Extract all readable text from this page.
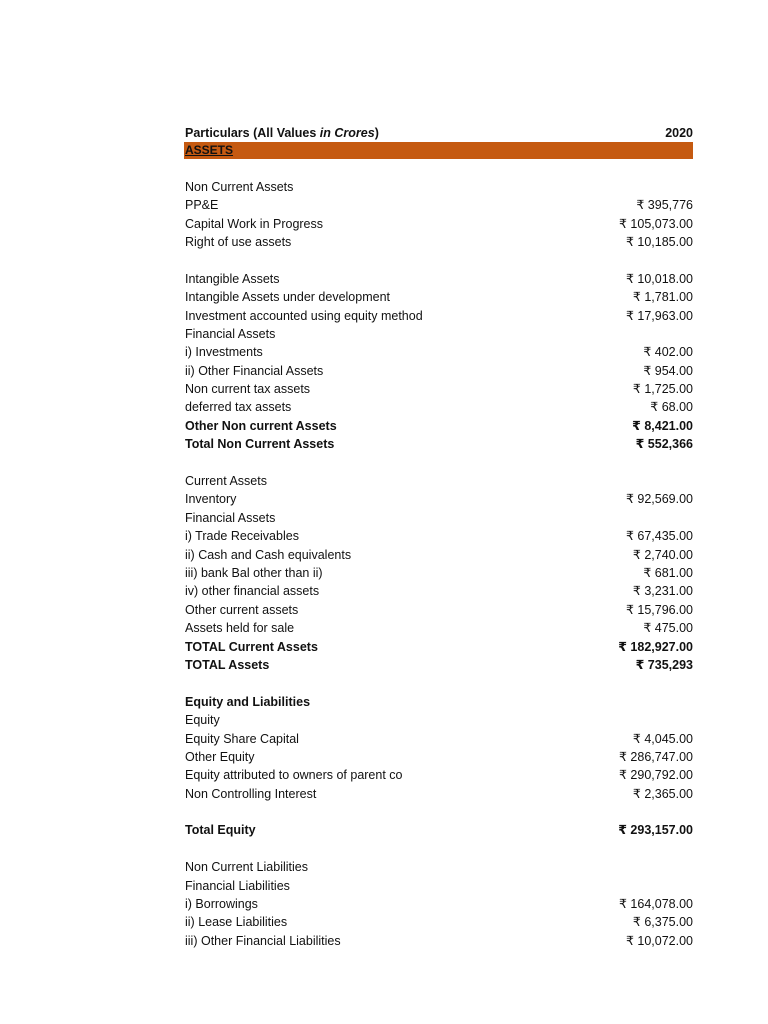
Particulars (All Values in Crores)	2020
ASSETS
Non Current Assets
PP&E	₹ 395,776
Capital Work in Progress	₹ 105,073.00
Right of use assets	₹ 10,185.00
Intangible Assets	₹ 10,018.00
Intangible Assets under development	₹ 1,781.00
Investment accounted using equity method	₹ 17,963.00
Financial Assets
i) Investments	₹ 402.00
ii) Other Financial Assets	₹ 954.00
Non current tax assets	₹ 1,725.00
deferred tax assets	₹ 68.00
Other Non current Assets	₹ 8,421.00
Total Non Current Assets	₹ 552,366
Current Assets
Inventory	₹ 92,569.00
Financial Assets
i) Trade Receivables	₹ 67,435.00
ii) Cash and Cash equivalents	₹ 2,740.00
iii) bank Bal other than ii)	₹ 681.00
iv) other financial assets	₹ 3,231.00
Other current assets	₹ 15,796.00
Assets held for sale	₹ 475.00
TOTAL Current Assets	₹ 182,927.00
TOTAL Assets	₹ 735,293
Equity and Liabilities
Equity
Equity Share Capital	₹ 4,045.00
Other Equity	₹ 286,747.00
Equity attributed to owners of parent co	₹ 290,792.00
Non Controlling Interest	₹ 2,365.00
Total Equity	₹ 293,157.00
Non Current Liabilities
Financial Liabilities
i) Borrowings	₹ 164,078.00
ii) Lease Liabilities	₹ 6,375.00
iii) Other Financial Liabilities	₹ 10,072.00
